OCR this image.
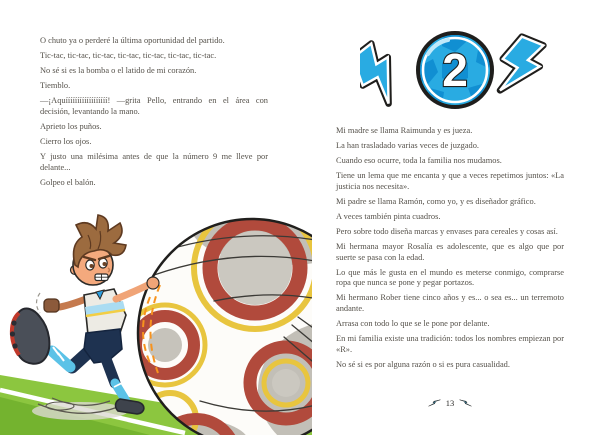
O chuto ya o perderé la última oportunidad del partido.

Tic-tac, tic-tac, tic-tac, tic-tac, tic-tac, tic-tac, tic-tac.

No sé si es la bomba o el latido de mi corazón.

Tiemblo.

—¡Aquíííííííííííííííííí! —grita Pello, entrando en el área con decisión, levantando la mano.

Aprieto los puños.

Cierro los ojos.

Y justo una milésima antes de que la número 9 me lleve por delante...

Golpeo el balón.

2

Mi madre se llama Raimunda y es jueza.

La han trasladado varias veces de juzgado.

Cuando eso ocurre, toda la familia nos mudamos.

Tiene un lema que me encanta y que a veces repetimos juntos: «La justicia nos necesita».

Mi padre se llama Ramón, como yo, y es diseñador gráfico.

A veces también pinta cuadros.

Pero sobre todo diseña marcas y envases para cereales y cosas así.

Mi hermana mayor Rosalía es adolescente, que es algo que por suerte se pasa con la edad.

Lo que más le gusta en el mundo es meterse conmigo, comprarse ropa que nunca se pone y pegar portazos.

Mi hermano Rober tiene cinco años y es... o sea es... un terremoto andante.

Arrasa con todo lo que se le pone por delante.

En mi familia existe una tradición: todos los nombres empiezan por «R».

No sé si es por alguna razón o si es pura casualidad.

13
